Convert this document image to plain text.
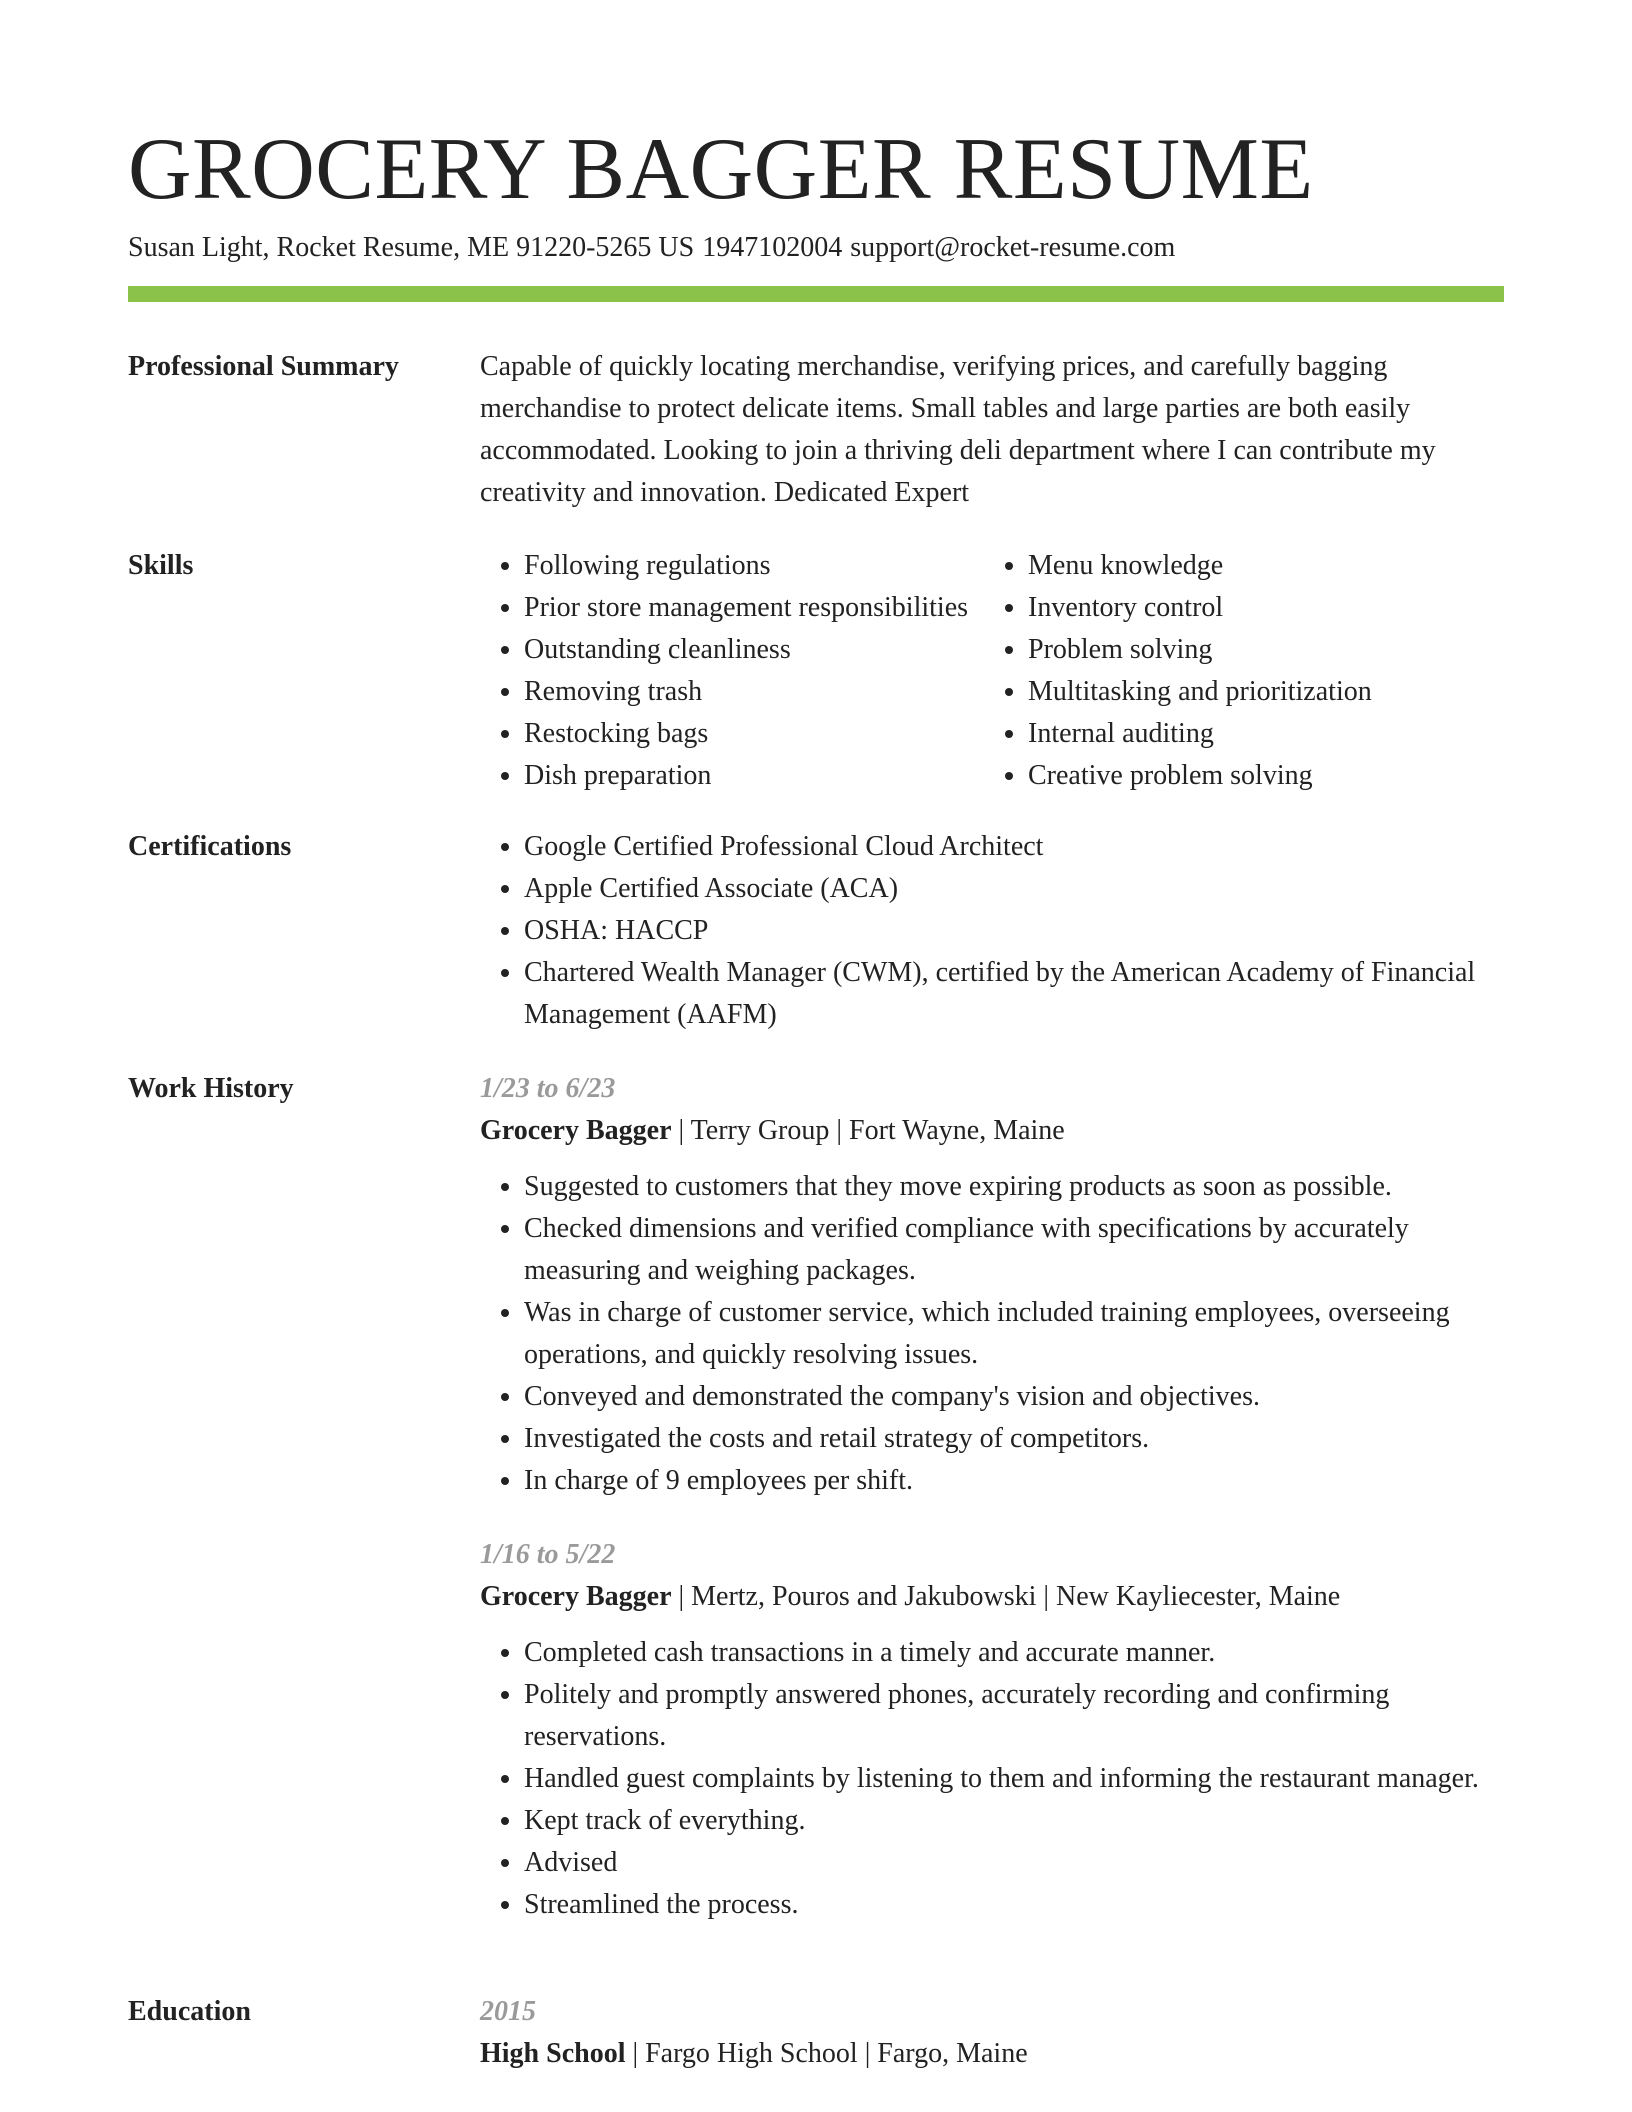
GROCERY BAGGER RESUME
Susan Light, Rocket Resume, ME 91220-5265 US 1947102004 support@rocket-resume.com
Professional Summary	Capable of quickly locating merchandise, verifying prices, and carefully bagging merchandise to protect delicate items. Small tables and large parties are both easily accommodated. Looking to join a thriving deli department where I can contribute my creativity and innovation. Dedicated Expert

Skills	• Following regulations
• Prior store management responsibilities
• Outstanding cleanliness
• Removing trash
• Restocking bags
• Dish preparation
• Menu knowledge
• Inventory control
• Problem solving
• Multitasking and prioritization
• Internal auditing
• Creative problem solving
Certifications	• Google Certified Professional Cloud Architect
• Apple Certified Associate (ACA)
• OSHA: HACCP
• Chartered Wealth Manager (CWM), certified by the American Academy of Financial Management (AAFM)
Work History	1/23 to 6/23
Grocery Bagger | Terry Group | Fort Wayne, Maine
• Suggested to customers that they move expiring products as soon as possible.
• Checked dimensions and verified compliance with specifications by accurately measuring and weighing packages.
• Was in charge of customer service, which included training employees, overseeing operations, and quickly resolving issues.
• Conveyed and demonstrated the company's vision and objectives.
• Investigated the costs and retail strategy of competitors.
• In charge of 9 employees per shift.
1/16 to 5/22
Grocery Bagger | Mertz, Pouros and Jakubowski | New Kayliecester, Maine
• Completed cash transactions in a timely and accurate manner.
• Politely and promptly answered phones, accurately recording and confirming reservations.
• Handled guest complaints by listening to them and informing the restaurant manager.
• Kept track of everything.
• Advised
• Streamlined the process.
Education	2015
High School | Fargo High School | Fargo, Maine
